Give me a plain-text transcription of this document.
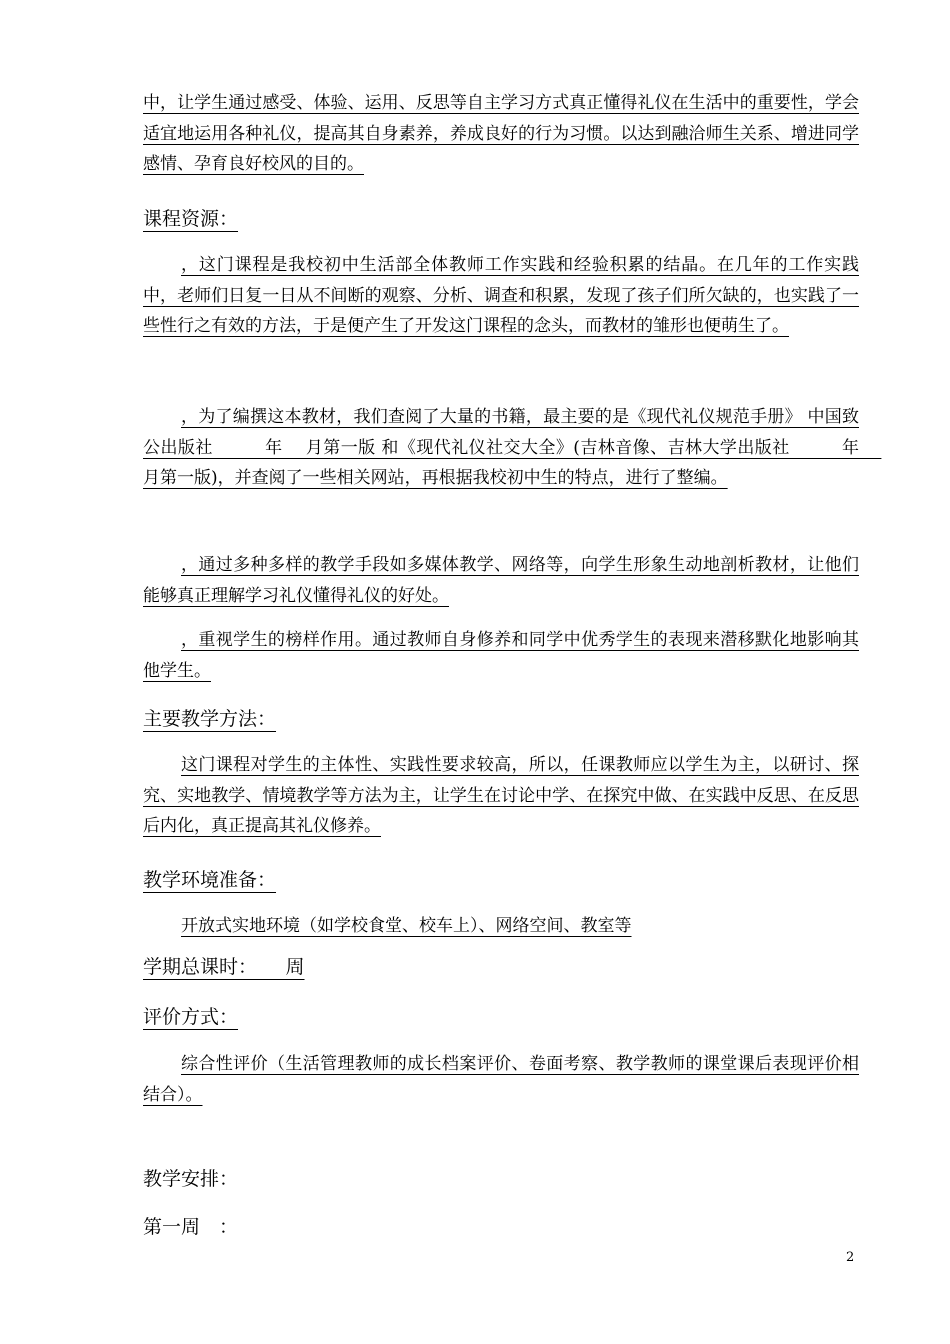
中，让学生通过感受、体验、运用、反思等自主学习方式真正懂得礼仪在生活中的重要性，学会适宜地运用各种礼仪，提高其自身素养，养成良好的行为习惯。以达到融洽师生关系、增进同学感情、孕育良好校风的目的。
课程资源：
，这门课程是我校初中生活部全体教师工作实践和经验积累的结晶。在几年的工作实践中，老师们日复一日从不间断的观察、分析、调查和积累，发现了孩子们所欠缺的，也实践了一些性行之有效的方法，于是便产生了开发这门课程的念头，而教材的雏形也便萌生了。
，为了编撰这本教材，我们查阅了大量的书籍，最主要的是《现代礼仪规范手册》 中国致公出版社　　　年　 月第一版 和《现代礼仪社交大全》(吉林音像、吉林大学出版社　　　年　 月第一版)，并查阅了一些相关网站，再根据我校初中生的特点，进行了整编。
，通过多种多样的教学手段如多媒体教学、网络等，向学生形象生动地剖析教材，让他们能够真正理解学习礼仪懂得礼仪的好处。
，重视学生的榜样作用。通过教师自身修养和同学中优秀学生的表现来潜移默化地影响其他学生。
主要教学方法：
这门课程对学生的主体性、实践性要求较高，所以，任课教师应以学生为主，以研讨、探究、实地教学、情境教学等方法为主，让学生在讨论中学、在探究中做、在实践中反思、在反思后内化，真正提高其礼仪修养。
教学环境准备：
开放式实地环境（如学校食堂、校车上）、网络空间、教室等
学期总课时：　　周
评价方式：
综合性评价（生活管理教师的成长档案评价、卷面考察、教学教师的课堂课后表现评价相结合）。
教学安排：
第一周　：
2
